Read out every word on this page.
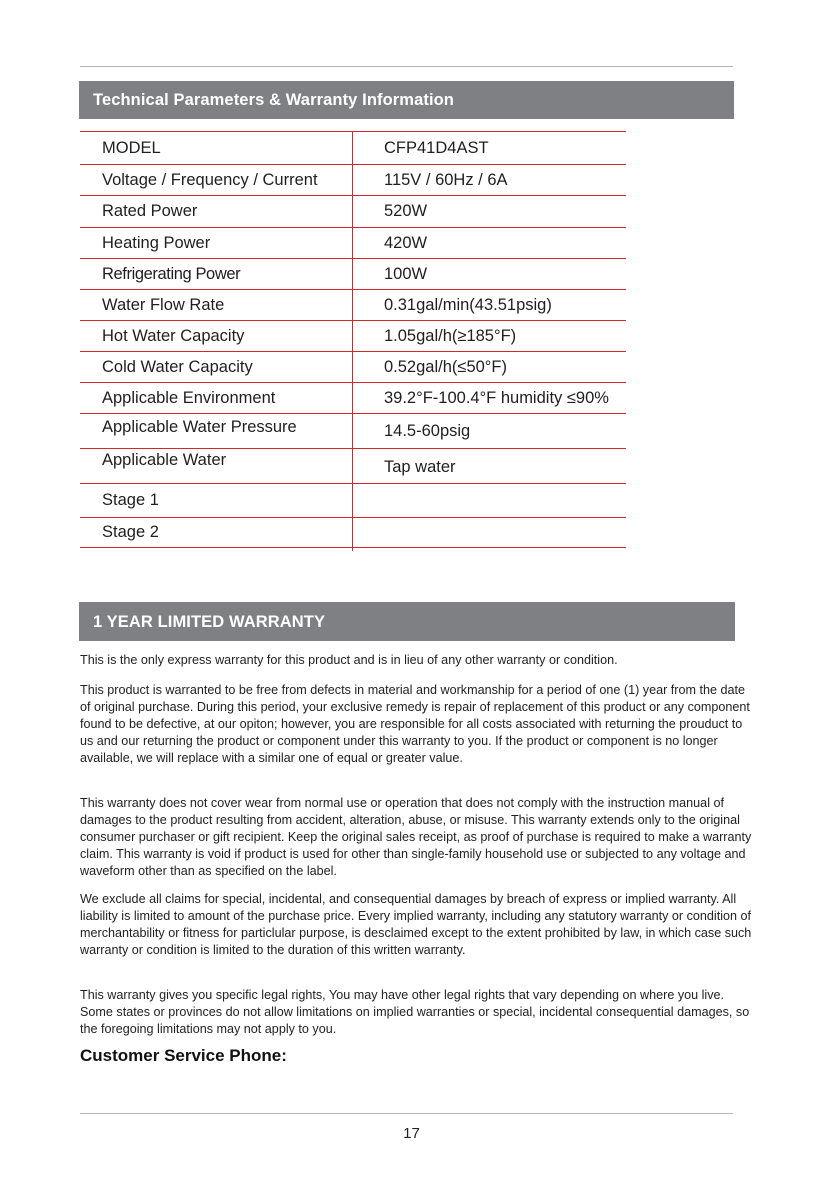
Technical Parameters & Warranty Information
MODEL	CFP41D4AST
Voltage / Frequency / Current	115V / 60Hz / 6A
Rated Power	520W
Heating Power	420W
Refrigerating Power	100W
Water Flow Rate	0.31gal/min(43.51psig)
Hot Water Capacity	1.05gal/h(≥185°F)
Cold Water Capacity	0.52gal/h(≤50°F)
Applicable Environment	39.2°F-100.4°F humidity ≤90%
Applicable Water Pressure	14.5-60psig
Applicable Water	Tap water
Stage 1
Stage 2
1 YEAR LIMITED WARRANTY

This is the only express warranty for this product and is in lieu of any other warranty or condition.

This product is warranted to be free from defects in material and workmanship for a period of one (1) year from the date of original purchase. During this period, your exclusive remedy is repair of replacement of this product or any component found to be defective, at our opiton; however, you are responsible for all costs associated with returning the prouduct to us and our returning the product or component under this warranty to you. If the product or component is no longer available, we will replace with a similar one of equal or greater value.

This warranty does not cover wear from normal use or operation that does not comply with the instruction manual of damages to the product resulting from accident, alteration, abuse, or misuse. This warranty extends only to the original consumer purchaser or gift recipient. Keep the original sales receipt, as proof of purchase is required to make a warranty claim. This warranty is void if product is used for other than single-family household use or subjected to any voltage and waveform other than as specified on the label.

We exclude all claims for special, incidental, and consequential damages by breach of express or implied warranty. All liability is limited to amount of the purchase price. Every implied warranty, including any statutory warranty or condition of merchantability or fitness for particlular purpose, is desclaimed except to the extent prohibited by law, in which case such warranty or condition is limited to the duration of this written warranty.

This warranty gives you specific legal rights, You may have other legal rights that vary depending on where you live. Some states or provinces do not allow limitations on implied warranties or special, incidental consequential damages, so the foregoing limitations may not apply to you.

Customer Service Phone:
17
